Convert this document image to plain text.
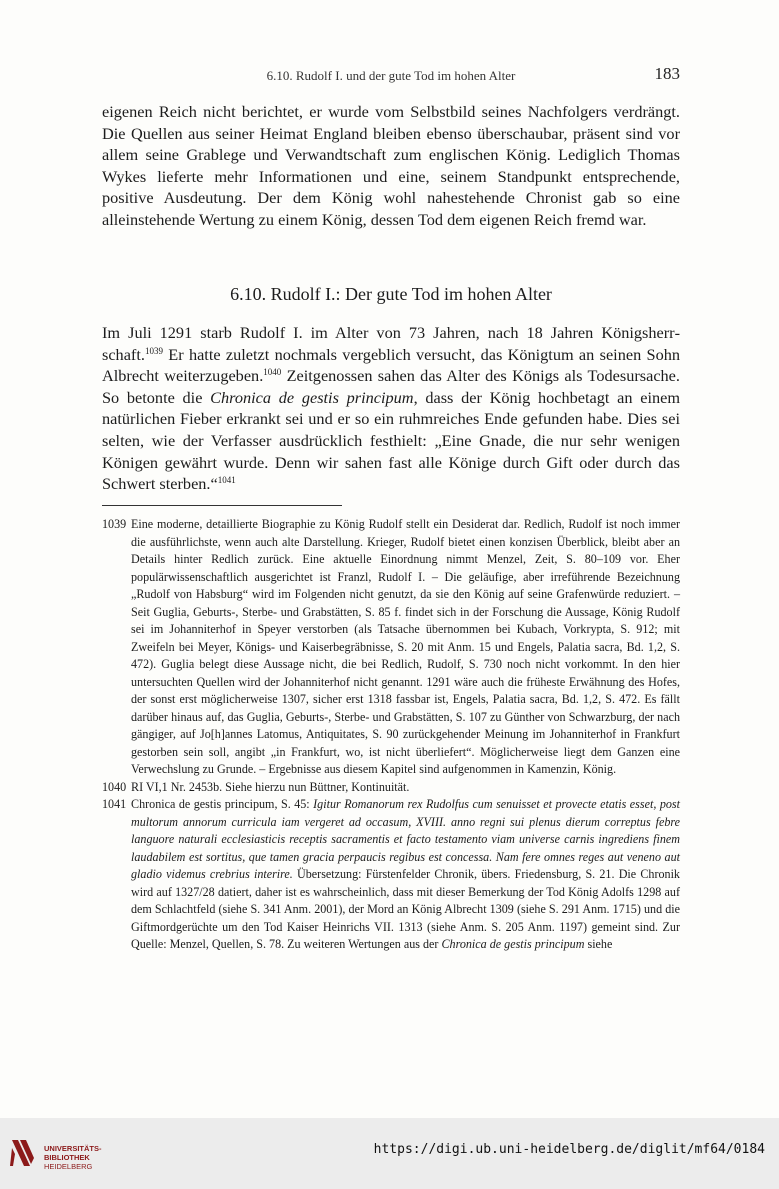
6.10. Rudolf I. und der gute Tod im hohen Alter	183

eigenen Reich nicht berichtet, er wurde vom Selbstbild seines Nachfolgers verdrängt. Die Quellen aus seiner Heimat England bleiben ebenso überschaubar, präsent sind vor allem seine Grablege und Verwandtschaft zum englischen König. Lediglich Thomas Wykes lieferte mehr Informationen und eine, seinem Standpunkt entsprechende, positive Ausdeutung. Der dem König wohl nahestehende Chronist gab so eine alleinstehende Wertung zu einem König, dessen Tod dem eigenen Reich fremd war.

6.10. Rudolf I.: Der gute Tod im hohen Alter

Im Juli 1291 starb Rudolf I. im Alter von 73 Jahren, nach 18 Jahren Königsherrschaft.$^{1039}$ Er hatte zuletzt nochmals vergeblich versucht, das Königtum an seinen Sohn Albrecht weiterzugeben.$^{1040}$ Zeitgenossen sahen das Alter des Königs als Todesursache. So betonte die Chronica de gestis principum, dass der König hochbetagt an einem natürlichen Fieber erkrankt sei und er so ein ruhmreiches Ende gefunden habe. Dies sei selten, wie der Verfasser ausdrücklich festhielt: „Eine Gnade, die nur sehr wenigen Königen gewährt wurde. Denn wir sahen fast alle Könige durch Gift oder durch das Schwert sterben.“$^{1041}$

1039 Eine moderne, detaillierte Biographie zu König Rudolf stellt ein Desiderat dar. Redlich, Rudolf ist noch immer die ausführlichste, wenn auch alte Darstellung. Krieger, Rudolf bietet einen konzisen Überblick, bleibt aber an Details hinter Redlich zurück. Eine aktuelle Einordnung nimmt Menzel, Zeit, S. 80–109 vor. Eher populärwissenschaftlich ausgerichtet ist Franzl, Rudolf I. – Die geläufige, aber irreführende Bezeichnung „Rudolf von Habsburg“ wird im Folgenden nicht genutzt, da sie den König auf seine Grafenwürde reduziert. – Seit Guglia, Geburts-, Sterbe- und Grabstätten, S. 85 f. findet sich in der Forschung die Aussage, König Rudolf sei im Johanniterhof in Speyer verstorben (als Tatsache übernommen bei Kubach, Vorkrypta, S. 912; mit Zweifeln bei Meyer, Königs- und Kaiserbegräbnisse, S. 20 mit Anm. 15 und Engels, Palatia sacra, Bd. 1,2, S. 472). Guglia belegt diese Aussage nicht, die bei Redlich, Rudolf, S. 730 noch nicht vorkommt. In den hier untersuchten Quellen wird der Johanniterhof nicht genannt. 1291 wäre auch die früheste Erwähnung des Hofes, der sonst erst möglicherweise 1307, sicher erst 1318 fassbar ist, Engels, Palatia sacra, Bd. 1,2, S. 472. Es fällt darüber hinaus auf, das Guglia, Geburts-, Sterbe- und Grabstätten, S. 107 zu Günther von Schwarzburg, der nach gängiger, auf Jo[h]annes Latomus, Antiquitates, S. 90 zurückgehender Meinung im Johanniterhof in Frankfurt gestorben sein soll, angibt „in Frankfurt, wo, ist nicht überliefert“. Möglicherweise liegt dem Ganzen eine Verwechslung zu Grunde. – Ergebnisse aus diesem Kapitel sind aufgenommen in Kamenzin, König.

1040 RI VI,1 Nr. 2453b. Siehe hierzu nun Büttner, Kontinuität.

1041 Chronica de gestis principum, S. 45: Igitur Romanorum rex Rudolfus cum senuisset et provecte etatis esset, post multorum annorum curricula iam vergeret ad occasum, XVIII. anno regni sui plenus dierum correptus febre languore naturali ecclesiasticis receptis sacramentis et facto testamento viam universe carnis ingrediens finem laudabilem est sortitus, que tamen gracia perpaucis regibus est concessa. Nam fere omnes reges aut veneno aut gladio videmus crebrius interire. Übersetzung: Fürstenfelder Chronik, übers. Friedensburg, S. 21. Die Chronik wird auf 1327/28 datiert, daher ist es wahrscheinlich, dass mit dieser Bemerkung der Tod König Adolfs 1298 auf dem Schlachtfeld (siehe S. 341 Anm. 2001), der Mord an König Albrecht 1309 (siehe S. 291 Anm. 1715) und die Giftmordgerüchte um den Tod Kaiser Heinrichs VII. 1313 (siehe Anm. S. 205 Anm. 1197) gemeint sind. Zur Quelle: Menzel, Quellen, S. 78. Zu weiteren Wertungen aus der Chronica de gestis principum siehe

UNIVERSITÄTS-
BIBLIOTHEK
HEIDELBERG
https://digi.ub.uni-heidelberg.de/diglit/mf64/0184
